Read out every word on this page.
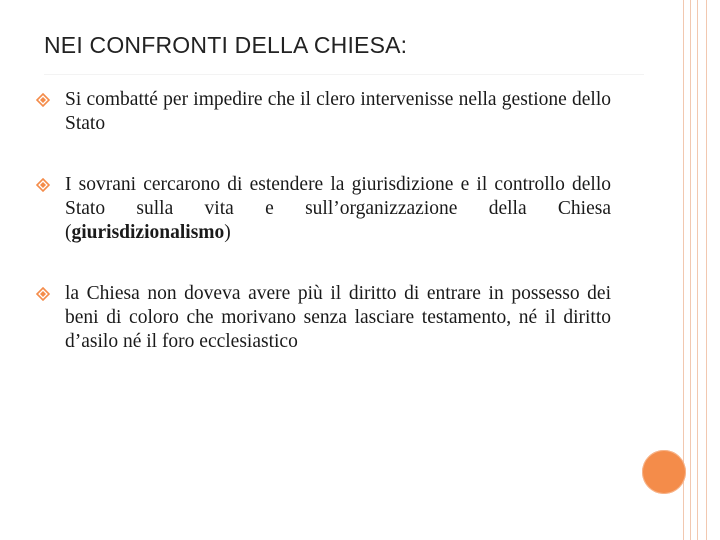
NEI CONFRONTI DELLA CHIESA:
Si combatté per impedire che il clero intervenisse nella gestione dello Stato
I sovrani cercarono di estendere la giurisdizione e il controllo dello Stato sulla vita e sull’organizzazione della Chiesa (giurisdizionalismo)
la Chiesa non doveva avere più il diritto di entrare in possesso dei beni di coloro che morivano senza lasciare testamento, né il diritto d’asilo né il foro ecclesiastico
